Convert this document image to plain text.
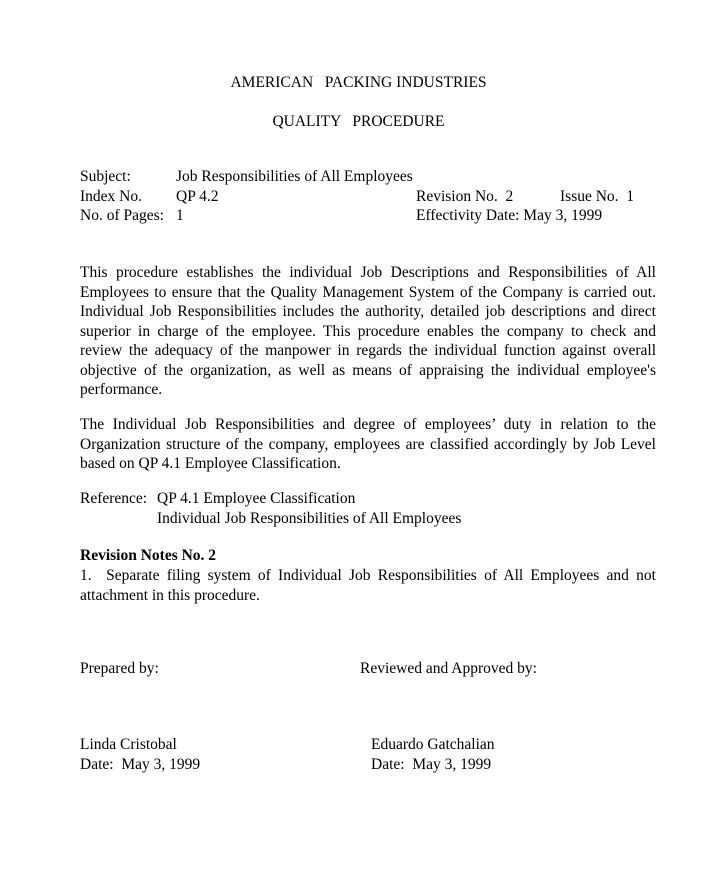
AMERICAN   PACKING INDUSTRIES
QUALITY   PROCEDURE
Subject:	Job Responsibilities of All Employees
Index No. QP 4.2	Revision No.  2	Issue No.  1
No. of Pages: 1	Effectivity Date: May 3, 1999
This procedure establishes the individual Job Descriptions and Responsibilities of All Employees to ensure that the Quality Management System of the Company is carried out. Individual Job Responsibilities includes the authority, detailed job descriptions and direct superior in charge of the employee. This procedure enables the company to check and review the adequacy of the manpower in regards the individual function against overall objective of the organization, as well as means of appraising the individual employee's performance.
The Individual Job Responsibilities and degree of employees’ duty in relation to the Organization structure of the company, employees are classified accordingly by Job Level based on QP 4.1 Employee Classification.
Reference: QP 4.1 Employee Classification
Individual Job Responsibilities of All Employees
Revision Notes No. 2
1.  Separate filing system of Individual Job Responsibilities of All Employees and not attachment in this procedure.
Prepared by:	Reviewed and Approved by:
Linda Cristobal	Eduardo Gatchalian
Date:  May 3, 1999	Date:  May 3, 1999
